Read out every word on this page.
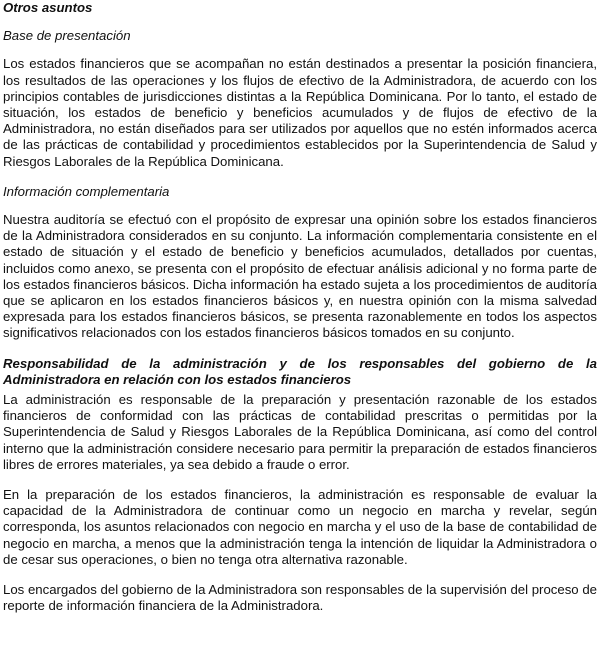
Otros asuntos
Base de presentación

Los estados financieros que se acompañan no están destinados a presentar la posición financiera, los resultados de las operaciones y los flujos de efectivo de la Administradora, de acuerdo con los principios contables de jurisdicciones distintas a la República Dominicana. Por lo tanto, el estado de situación, los estados de beneficio y beneficios acumulados y de flujos de efectivo de la Administradora, no están diseñados para ser utilizados por aquellos que no estén informados acerca de las prácticas de contabilidad y procedimientos establecidos por la Superintendencia de Salud y Riesgos Laborales de la República Dominicana.

Información complementaria

Nuestra auditoría se efectuó con el propósito de expresar una opinión sobre los estados financieros de la Administradora considerados en su conjunto. La información complementaria consistente en el estado de situación y el estado de beneficio y beneficios acumulados, detallados por cuentas, incluidos como anexo, se presenta con el propósito de efectuar análisis adicional y no forma parte de los estados financieros básicos. Dicha información ha estado sujeta a los procedimientos de auditoría que se aplicaron en los estados financieros básicos y, en nuestra opinión con la misma salvedad expresada para los estados financieros básicos, se presenta razonablemente en todos los aspectos significativos relacionados con los estados financieros básicos tomados en su conjunto.

Responsabilidad de la administración y de los responsables del gobierno de la Administradora en relación con los estados financieros

La administración es responsable de la preparación y presentación razonable de los estados financieros de conformidad con las prácticas de contabilidad prescritas o permitidas por la Superintendencia de Salud y Riesgos Laborales de la República Dominicana, así como del control interno que la administración considere necesario para permitir la preparación de estados financieros libres de errores materiales, ya sea debido a fraude o error.

En la preparación de los estados financieros, la administración es responsable de evaluar la capacidad de la Administradora de continuar como un negocio en marcha y revelar, según corresponda, los asuntos relacionados con negocio en marcha y el uso de la base de contabilidad de negocio en marcha, a menos que la administración tenga la intención de liquidar la Administradora o de cesar sus operaciones, o bien no tenga otra alternativa razonable.

Los encargados del gobierno de la Administradora son responsables de la supervisión del proceso de reporte de información financiera de la Administradora.
